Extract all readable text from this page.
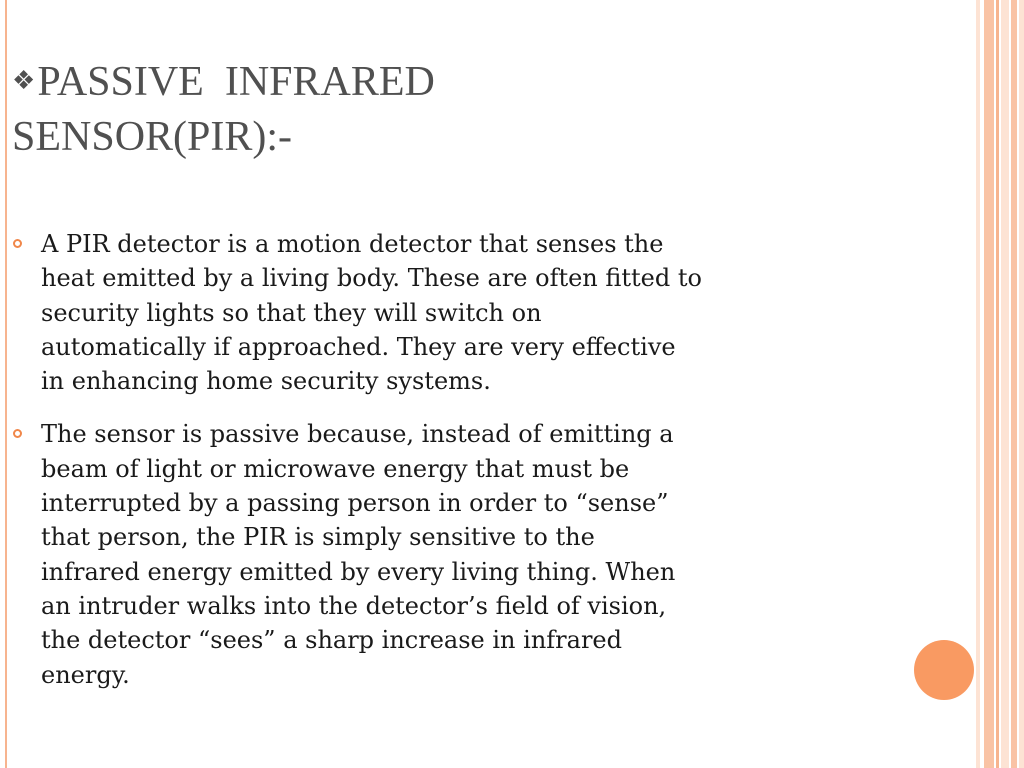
❖PASSIVE  INFRARED
SENSOR(PIR):-
A PIR detector is a motion detector that senses the
heat emitted by a living body. These are often fitted to
security lights so that they will switch on
automatically if approached. They are very effective
in enhancing home security systems.
The sensor is passive because, instead of emitting a
beam of light or microwave energy that must be
interrupted by a passing person in order to “sense”
that person, the PIR is simply sensitive to the
infrared energy emitted by every living thing. When
an intruder walks into the detector’s field of vision,
the detector “sees” a sharp increase in infrared
energy.
